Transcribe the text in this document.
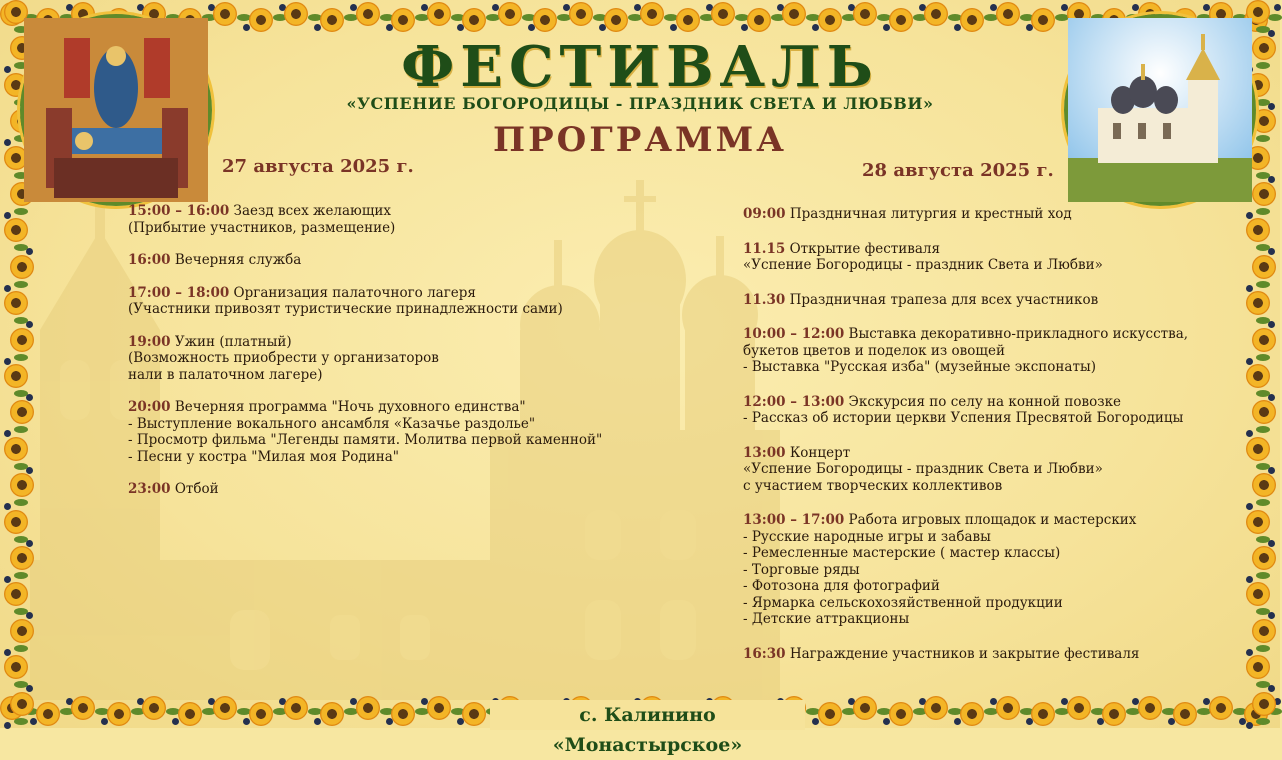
ФЕСТИВАЛЬ
«УСПЕНИЕ БОГОРОДИЦЫ - ПРАЗДНИК СВЕТА И ЛЮБВИ»
ПРОГРАММА
27 августа 2025 г.	28 августа 2025 г.
15:00 – 16:00 Заезд всех желающих
(Прибытие участников, размещение)
16:00 Вечерняя служба
17:00 – 18:00 Организация палаточного лагеря
(Участники привозят туристические принадлежности сами)
19:00 Ужин (платный)
(Возможность приобрести у организаторов
нали в палаточном лагере)
20:00 Вечерняя программа "Ночь духовного единства"
- Выступление вокального ансамбля «Казачье раздолье"
- Просмотр фильма "Легенды памяти. Молитва первой каменной"
- Песни у костра "Милая моя Родина"
23:00 Отбой
09:00 Праздничная литургия и крестный ход
11.15 Открытие фестиваля
«Успение Богородицы - праздник Света и Любви»
11.30 Праздничная трапеза для всех участников
10:00 – 12:00 Выставка декоративно-прикладного искусства,
букетов цветов и поделок из овощей
- Выставка "Русская изба" (музейные экспонаты)
12:00 – 13:00 Экскурсия по селу на конной повозке
- Рассказ об истории церкви Успения Пресвятой Богородицы
13:00 Концерт
«Успение Богородицы - праздник Света и Любви»
с участием творческих коллективов
13:00 – 17:00 Работа игровых площадок и мастерских
- Русские народные игры и забавы
- Ремесленные мастерские ( мастер классы)
- Торговые ряды
- Фотозона для фотографий
- Ярмарка сельскохозяйственной продукции
- Детские аттракционы
16:30 Награждение участников и закрытие фестиваля
с. Калинино «Монастырское»
